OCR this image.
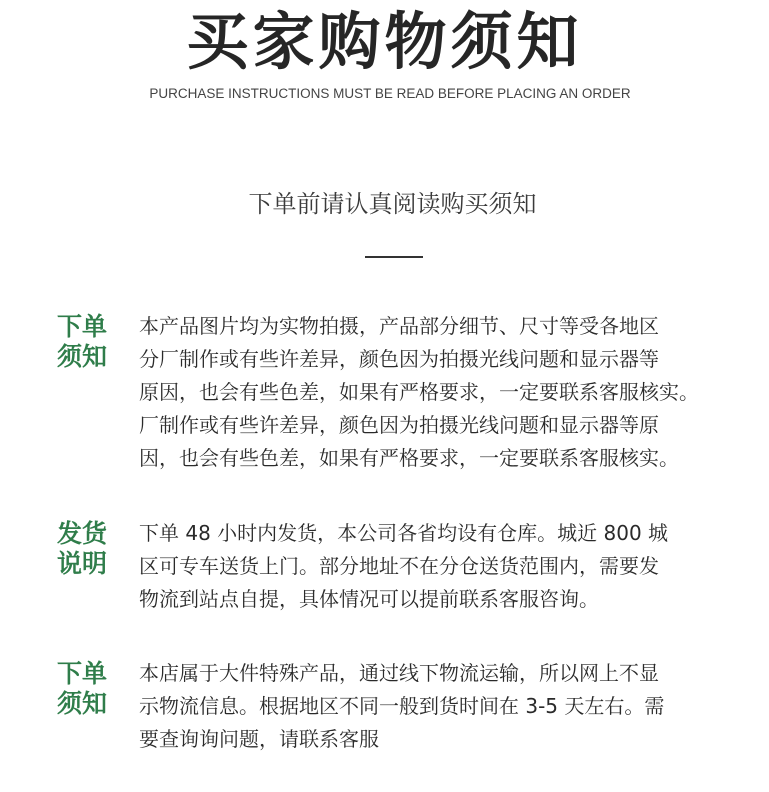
买家购物须知
PURCHASE INSTRUCTIONS MUST BE READ BEFORE PLACING AN ORDER
下单前请认真阅读购买须知
下单
须知
本产品图片均为实物拍摄，产品部分细节、尺寸等受各地区
分厂制作或有些许差异，颜色因为拍摄光线问题和显示器等
原因，也会有些色差，如果有严格要求，一定要联系客服核实。
厂制作或有些许差异，颜色因为拍摄光线问题和显示器等原
因，也会有些色差，如果有严格要求，一定要联系客服核实。
发货
说明
下单 48 小时内发货，本公司各省均设有仓库。城近 800 城
区可专车送货上门。部分地址不在分仓送货范围内，需要发
物流到站点自提，具体情况可以提前联系客服咨询。
下单
须知
本店属于大件特殊产品，通过线下物流运输，所以网上不显
示物流信息。根据地区不同一般到货时间在 3-5 天左右。需
要查询询问题，请联系客服
